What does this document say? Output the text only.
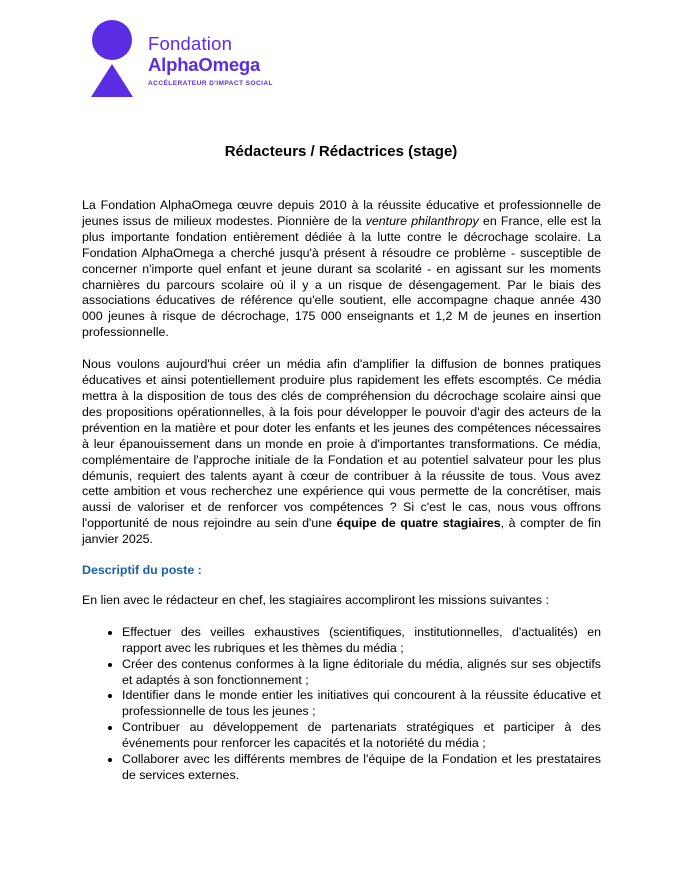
Fondation
AlphaOmega
ACCÉLERATEUR D'IMPACT SOCIAL
Rédacteurs / Rédactrices (stage)

La Fondation AlphaOmega œuvre depuis 2010 à la réussite éducative et professionnelle de jeunes issus de milieux modestes. Pionnière de la venture philanthropy en France, elle est la plus importante fondation entièrement dédiée à la lutte contre le décrochage scolaire. La Fondation AlphaOmega a cherché jusqu'à présent à résoudre ce problème - susceptible de concerner n'importe quel enfant et jeune durant sa scolarité - en agissant sur les moments charnières du parcours scolaire où il y a un risque de désengagement. Par le biais des associations éducatives de référence qu'elle soutient, elle accompagne chaque année 430 000 jeunes à risque de décrochage, 175 000 enseignants et 1,2 M de jeunes en insertion professionnelle.

Nous voulons aujourd'hui créer un média afin d'amplifier la diffusion de bonnes pratiques éducatives et ainsi potentiellement produire plus rapidement les effets escomptés. Ce média mettra à la disposition de tous des clés de compréhension du décrochage scolaire ainsi que des propositions opérationnelles, à la fois pour développer le pouvoir d'agir des acteurs de la prévention en la matière et pour doter les enfants et les jeunes des compétences nécessaires à leur épanouissement dans un monde en proie à d'importantes transformations. Ce média, complémentaire de l'approche initiale de la Fondation et au potentiel salvateur pour les plus démunis, requiert des talents ayant à cœur de contribuer à la réussite de tous. Vous avez cette ambition et vous recherchez une expérience qui vous permette de la concrétiser, mais aussi de valoriser et de renforcer vos compétences ? Si c'est le cas, nous vous offrons l'opportunité de nous rejoindre au sein d'une équipe de quatre stagiaires, à compter de fin janvier 2025.

Descriptif du poste :

En lien avec le rédacteur en chef, les stagiaires accompliront les missions suivantes :

• Effectuer des veilles exhaustives (scientifiques, institutionnelles, d'actualités) en rapport avec les rubriques et les thèmes du média ;
• Créer des contenus conformes à la ligne éditoriale du média, alignés sur ses objectifs et adaptés à son fonctionnement ;
• Identifier dans le monde entier les initiatives qui concourent à la réussite éducative et professionnelle de tous les jeunes ;
• Contribuer au développement de partenariats stratégiques et participer à des événements pour renforcer les capacités et la notoriété du média ;
• Collaborer avec les différents membres de l'équipe de la Fondation et les prestataires de services externes.
